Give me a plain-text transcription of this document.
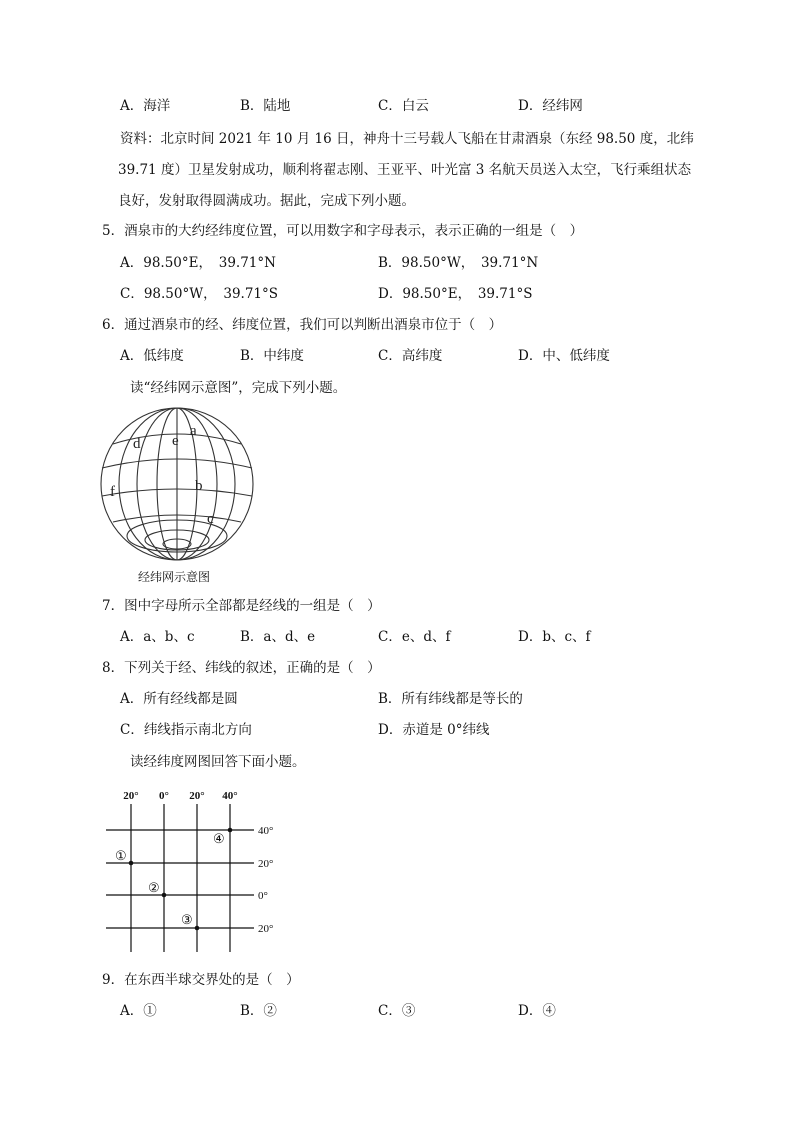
A．海洋	B．陆地	C．白云	D．经纬网
资料：北京时间 2021 年 10 月 16 日，神舟十三号载人飞船在甘肃酒泉（东经 98.50 度，北纬 39.71 度）卫星发射成功，顺利将翟志刚、王亚平、叶光富 3 名航天员送入太空，飞行乘组状态良好，发射取得圆满成功。据此，完成下列小题。
5．酒泉市的大约经纬度位置，可以用数字和字母表示，表示正确的一组是（　）
A．98.50°E，　39.71°N	B．98.50°W，　39.71°N
C．98.50°W，　39.71°S	D．98.50°E，　39.71°S
6．通过酒泉市的经、纬度位置，我们可以判断出酒泉市位于（　）
A．低纬度	B．中纬度	C．高纬度	D．中、低纬度
读“经纬网示意图”，完成下列小题。
a
b
c
d e
f
经纬网示意图
7．图中字母所示全部都是经线的一组是（　）
A．a、b、c	B．a、d、e	C．e、d、f	D．b、c、f
8．下列关于经、纬线的叙述，正确的是（　）
A．所有经线都是圆	B．所有纬线都是等长的
C．纬线指示南北方向	D．赤道是 0°纬线
读经纬度网图回答下面小题。
20° 0° 20° 40°
40°
20°
0°
20°
①
②
③
④
9．在东西半球交界处的是（　）
A．①	B．②	C．③	D．④
